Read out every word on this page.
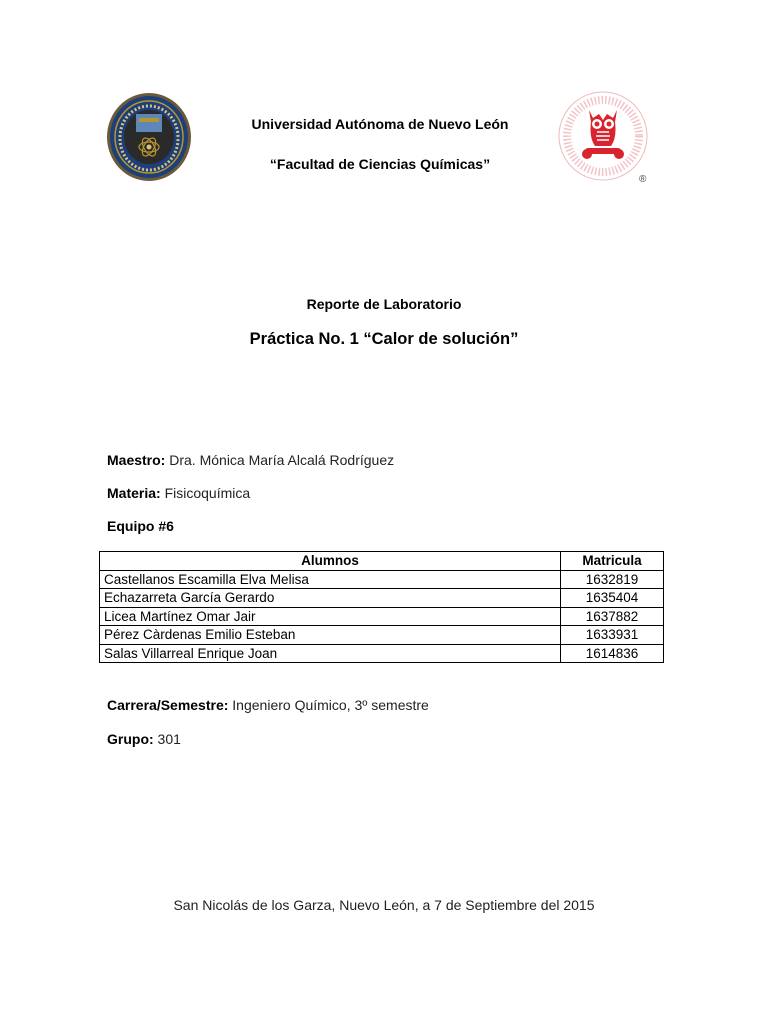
Universidad Autónoma de Nuevo León
“Facultad de Ciencias Químicas”
®
Reporte de Laboratorio
Práctica No. 1 “Calor de solución”
Maestro: Dra. Mónica María Alcalá Rodríguez
Materia: Fisicoquímica
Equipo #6
Alumnos	Matricula
Castellanos Escamilla Elva Melisa	1632819
Echazarreta García Gerardo	1635404
Licea Martínez Omar Jair	1637882
Pérez Càrdenas Emilio Esteban	1633931
Salas Villarreal Enrique Joan	1614836
Carrera/Semestre: Ingeniero Químico, 3º semestre
Grupo: 301
San Nicolás de los Garza, Nuevo León, a 7 de Septiembre del 2015
